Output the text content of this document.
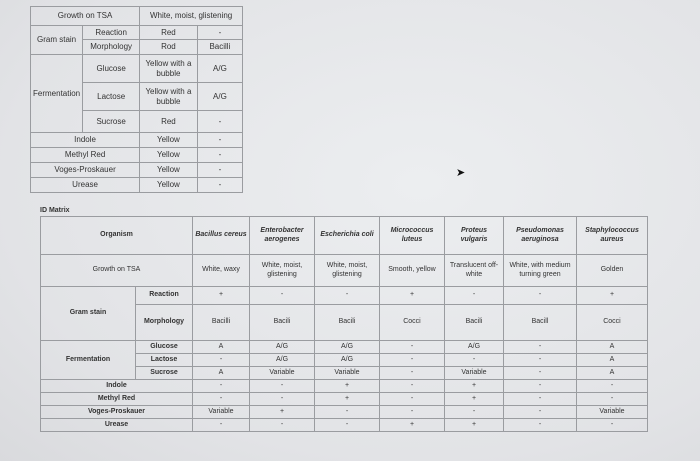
Growth on TSA		White, moist, glistening	
Gram stain	Reaction	Red	-
	Morphology	Rod	Bacilli
Fermentation	Glucose	Yellow with a bubble	A/G
	Lactose	Yellow with a bubble	A/G
	Sucrose	Red	-
Indole		Yellow	-
Methyl Red		Yellow	-
Voges-Proskauer		Yellow	-
Urease		Yellow	-
➤
ID Matrix
Organism		Bacillus cereus	Enterobacter aerogenes	Escherichia coli	Micrococcus luteus	Proteus vulgaris	Pseudomonas aeruginosa	Staphylococcus aureus
Growth on TSA		White, waxy	White, moist, glistening	White, moist, glistening	Smooth, yellow	Translucent off-white	White, with medium turning green	Golden
Gram stain	Reaction	+	-	-	+	-	-	+
	Morphology	Bacilli	Bacili	Bacili	Cocci	Bacili	Bacill	Cocci
Fermentation	Glucose	A	A/G	A/G	-	A/G	-	A
	Lactose	-	A/G	A/G	-	-	-	A
	Sucrose	A	Variable	Variable	-	Variable	-	A
Indole		-	-	+	-	+	-	-
Methyl Red		-	-	+	-	+	-	-
Voges-Proskauer		Variable	+	-	-	-	-	Variable
Urease		-	-	-	+	+	-	-
